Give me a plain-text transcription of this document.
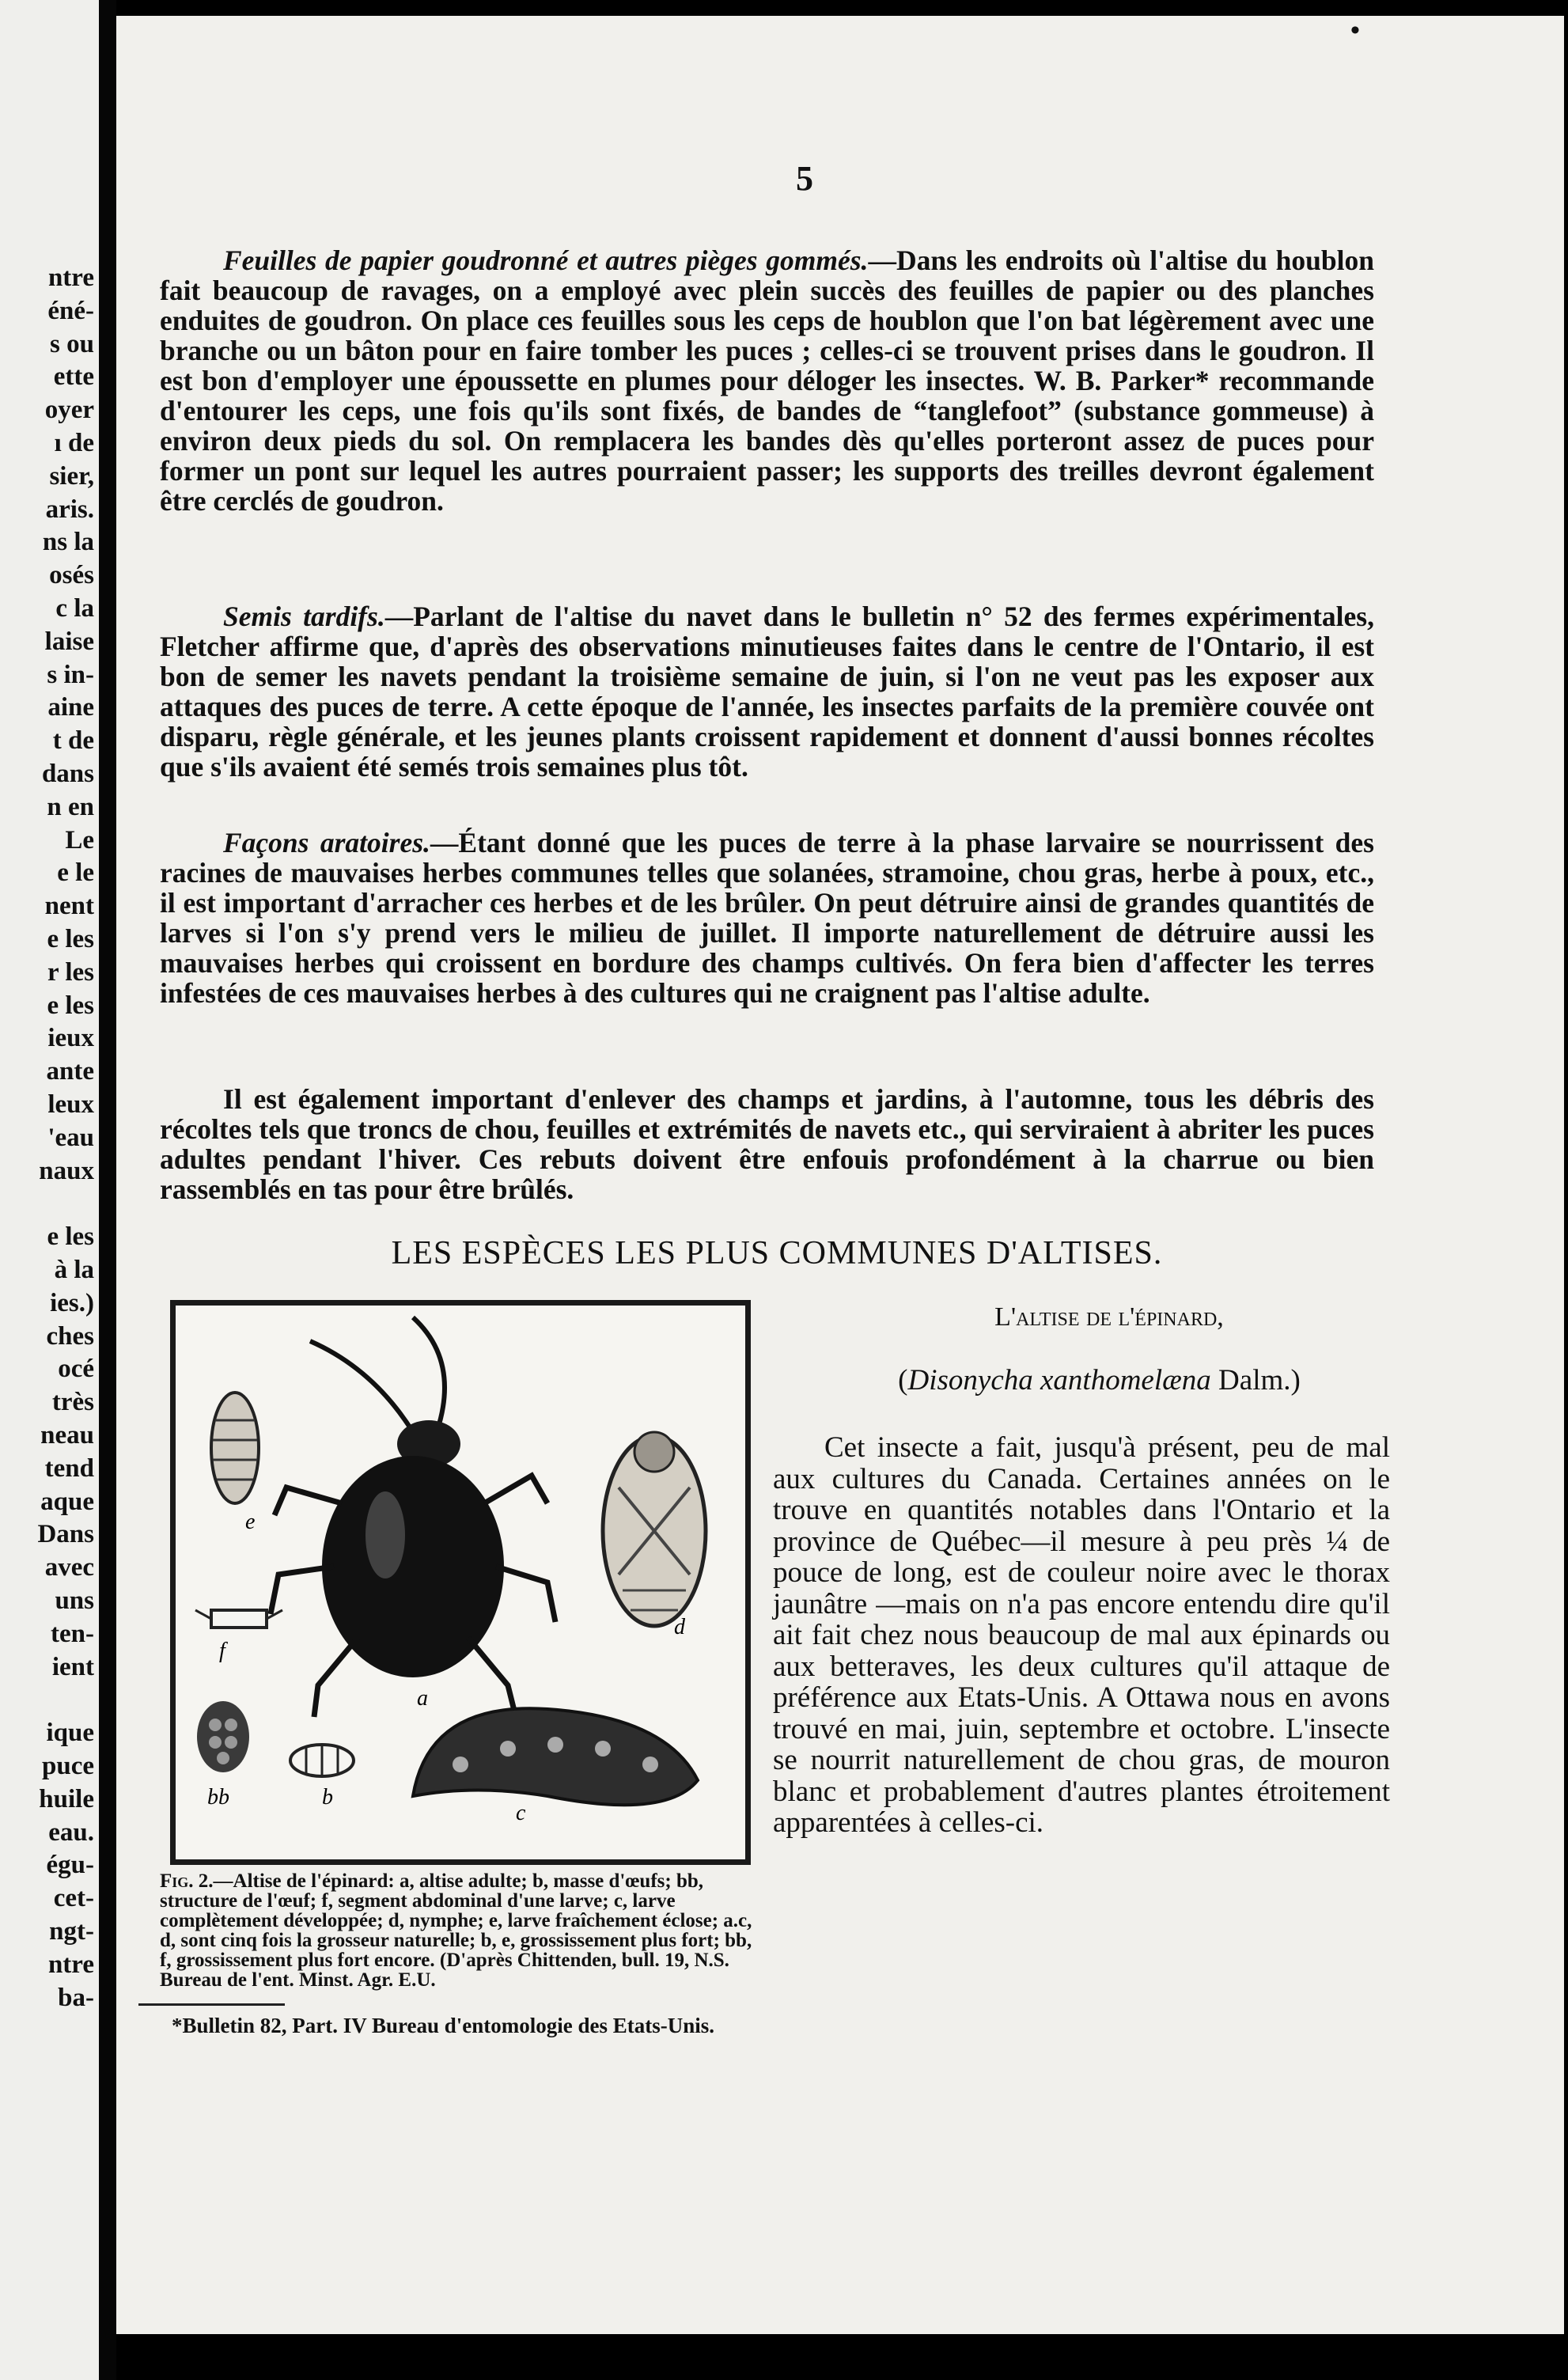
ntre
éné-
s ou
ette
oyer
ı de
sier,
aris.
ns la
osés
c la
laise
s in-
aine
t de
dans
n en
Le
e le
nent
e les
r les
e les
ieux
ante
leux
'eau
naux
e les
à la
ies.)
ches
océ
très
neau
tend
aque
Dans
avec
uns
ten-
ient
ique
puce
huile
eau.
égu-
cet-
ngt-
ntre
ba-
•
5

Feuilles de papier goudronné et autres pièges gommés.—Dans les endroits où l'altise du houblon fait beaucoup de ravages, on a employé avec plein succès des feuilles de papier ou des planches enduites de goudron. On place ces feuilles sous les ceps de houblon que l'on bat légèrement avec une branche ou un bâton pour en faire tomber les puces ; celles-ci se trouvent prises dans le goudron. Il est bon d'employer une époussette en plumes pour déloger les insectes. W. B. Parker* recommande d'entourer les ceps, une fois qu'ils sont fixés, de bandes de “tanglefoot” (substance gommeuse) à environ deux pieds du sol. On remplacera les bandes dès qu'elles porteront assez de puces pour former un pont sur lequel les autres pourraient passer; les supports des treilles devront également être cerclés de goudron.

Semis tardifs.—Parlant de l'altise du navet dans le bulletin n° 52 des fermes expérimentales, Fletcher affirme que, d'après des observations minutieuses faites dans le centre de l'Ontario, il est bon de semer les navets pendant la troisième semaine de juin, si l'on ne veut pas les exposer aux attaques des puces de terre. A cette époque de l'année, les insectes parfaits de la première couvée ont disparu, règle générale, et les jeunes plants croissent rapidement et donnent d'aussi bonnes récoltes que s'ils avaient été semés trois semaines plus tôt.

Façons aratoires.—Étant donné que les puces de terre à la phase larvaire se nourrissent des racines de mauvaises herbes communes telles que solanées, stramoine, chou gras, herbe à poux, etc., il est important d'arracher ces herbes et de les brûler. On peut détruire ainsi de grandes quantités de larves si l'on s'y prend vers le milieu de juillet. Il importe naturellement de détruire aussi les mauvaises herbes qui croissent en bordure des champs cultivés. On fera bien d'affecter les terres infestées de ces mauvaises herbes à des cultures qui ne craignent pas l'altise adulte.

Il est également important d'enlever des champs et jardins, à l'automne, tous les débris des récoltes tels que troncs de chou, feuilles et extrémités de navets etc., qui serviraient à abriter les puces adultes pendant l'hiver. Ces rebuts doivent être enfouis profondément à la charrue ou bien rassemblés en tas pour être brûlés.

LES ESPÈCES LES PLUS COMMUNES D'ALTISES.
e
a
d
f
bb	b
c

Fig. 2.—Altise de l'épinard: a, altise adulte; b, masse d'œufs; bb, structure de l'œuf; f, segment abdominal d'une larve; c, larve complètement développée; d, nymphe; e, larve fraîchement éclose; a.c, d, sont cinq fois la grosseur naturelle; b, e, grossissement plus fort; bb, f, grossissement plus fort encore. (D'après Chittenden, bull. 19, N.S. Bureau de l'ent. Minst. Agr. E.U.

L'altise de l'épinard,

(Disonycha xanthomelæna Dalm.)

Cet insecte a fait, jusqu'à présent, peu de mal aux cultures du Canada. Certaines années on le trouve en quantités notables dans l'Ontario et la province de Québec—il mesure à peu près ¼ de pouce de long, est de couleur noire avec le thorax jaunâtre —mais on n'a pas encore entendu dire qu'il ait fait chez nous beaucoup de mal aux épinards ou aux betteraves, les deux cultures qu'il attaque de préférence aux Etats-Unis. A Ottawa nous en avons trouvé en mai, juin, septembre et octobre. L'insecte se nourrit naturellement de chou gras, de mouron blanc et probablement d'autres plantes étroitement apparentées à celles-ci.

*Bulletin 82, Part. IV Bureau d'entomologie des Etats-Unis.
